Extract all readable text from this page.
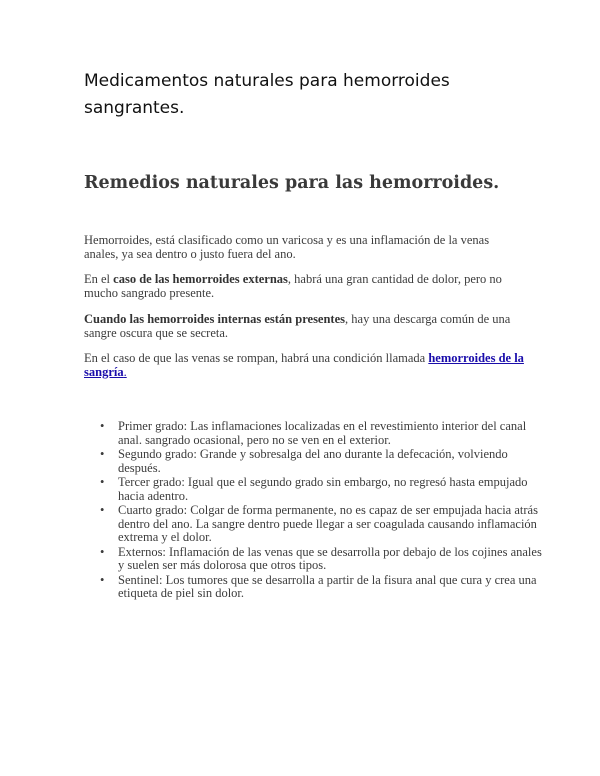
Medicamentos naturales para hemorroides sangrantes.
Remedios naturales para las hemorroides.

Hemorroides, está clasificado como un varicosa y es una inflamación de la venas anales, ya sea dentro o justo fuera del ano.

En el caso de las hemorroides externas, habrá una gran cantidad de dolor, pero no mucho sangrado presente.

Cuando las hemorroides internas están presentes, hay una descarga común de una sangre oscura que se secreta.

En el caso de que las venas se rompan, habrá una condición llamada hemorroides de la sangría.

• Primer grado: Las inflamaciones localizadas en el revestimiento interior del canal anal. sangrado ocasional, pero no se ven en el exterior.
• Segundo grado: Grande y sobresalga del ano durante la defecación, volviendo después.
• Tercer grado: Igual que el segundo grado sin embargo, no regresó hasta empujado hacia adentro.
• Cuarto grado: Colgar de forma permanente, no es capaz de ser empujada hacia atrás dentro del ano. La sangre dentro puede llegar a ser coagulada causando inflamación extrema y el dolor.
• Externos: Inflamación de las venas que se desarrolla por debajo de los cojines anales y suelen ser más dolorosa que otros tipos.
• Sentinel: Los tumores que se desarrolla a partir de la fisura anal que cura y crea una etiqueta de piel sin dolor.
